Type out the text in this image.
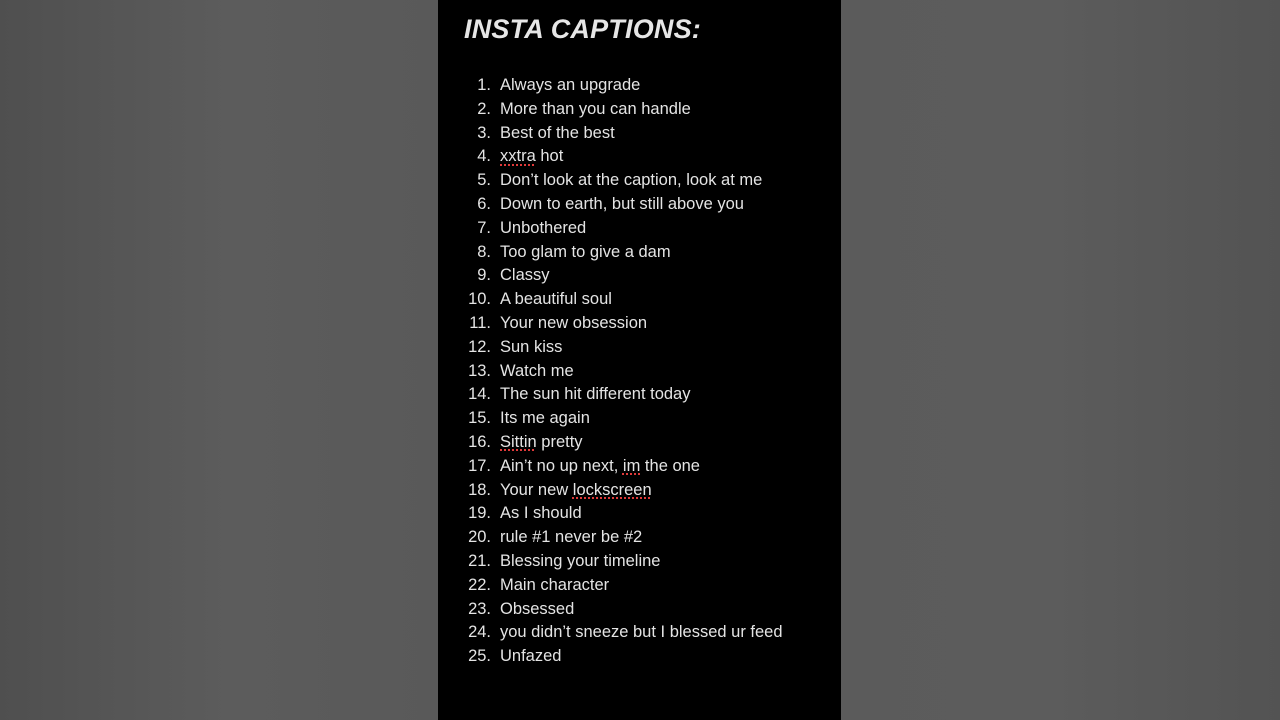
INSTA CAPTIONS:
1. Always an upgrade
2. More than you can handle
3. Best of the best
4. xxtra hot
5. Don’t look at the caption, look at me
6. Down to earth, but still above you
7. Unbothered
8. Too glam to give a dam
9. Classy
10. A beautiful soul
11. Your new obsession
12. Sun kiss
13. Watch me
14. The sun hit different today
15. Its me again
16. Sittin pretty
17. Ain’t no up next, im the one
18. Your new lockscreen
19. As I should
20. rule #1 never be #2
21. Blessing your timeline
22. Main character
23. Obsessed
24. you didn’t sneeze but I blessed ur feed
25. Unfazed
